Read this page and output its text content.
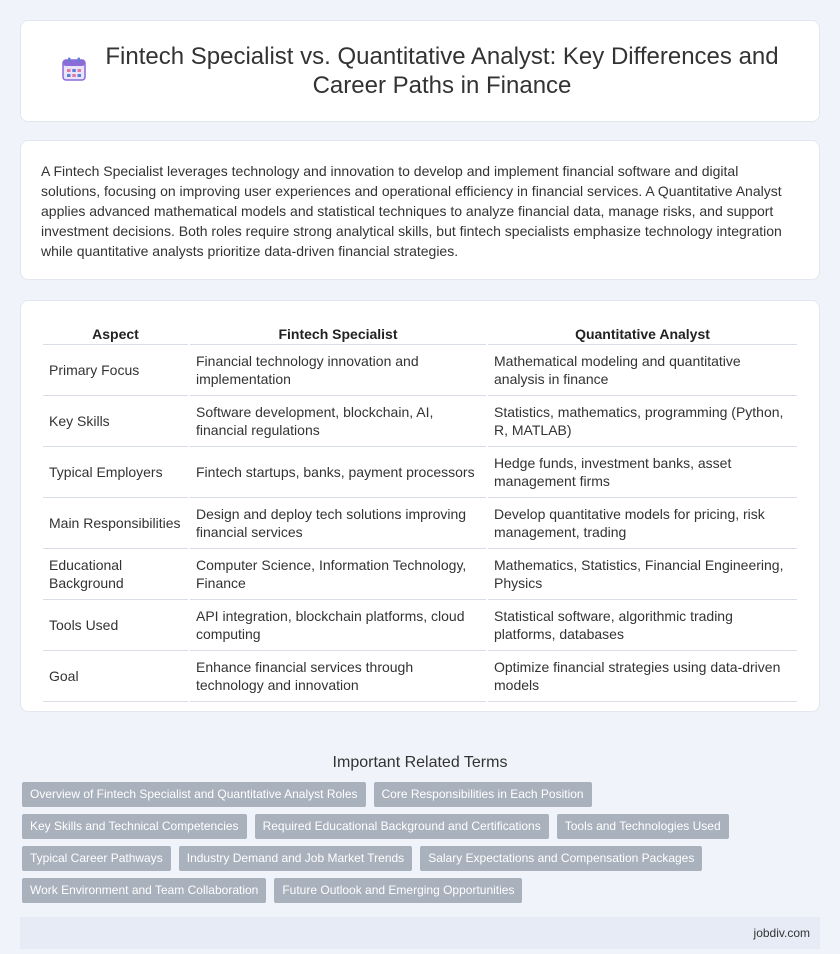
Fintech Specialist vs. Quantitative Analyst: Key Differences and Career Paths in Finance

A Fintech Specialist leverages technology and innovation to develop and implement financial software and digital solutions, focusing on improving user experiences and operational efficiency in financial services. A Quantitative Analyst applies advanced mathematical models and statistical techniques to analyze financial data, manage risks, and support investment decisions. Both roles require strong analytical skills, but fintech specialists emphasize technology integration while quantitative analysts prioritize data-driven financial strategies.

Aspect	Fintech Specialist	Quantitative Analyst
Primary Focus	Financial technology innovation and implementation	Mathematical modeling and quantitative analysis in finance
Key Skills	Software development, blockchain, AI, financial regulations	Statistics, mathematics, programming (Python, R, MATLAB)
Typical Employers	Fintech startups, banks, payment processors	Hedge funds, investment banks, asset management firms
Main Responsibilities	Design and deploy tech solutions improving financial services	Develop quantitative models for pricing, risk management, trading
Educational Background	Computer Science, Information Technology, Finance	Mathematics, Statistics, Financial Engineering, Physics
Tools Used	API integration, blockchain platforms, cloud computing	Statistical software, algorithmic trading platforms, databases
Goal	Enhance financial services through technology and innovation	Optimize financial strategies using data-driven models
Important Related Terms
Overview of Fintech Specialist and Quantitative Analyst Roles	Core Responsibilities in Each Position
Key Skills and Technical Competencies	Required Educational Background and Certifications	Tools and Technologies Used
Typical Career Pathways	Industry Demand and Job Market Trends	Salary Expectations and Compensation Packages
Work Environment and Team Collaboration	Future Outlook and Emerging Opportunities
jobdiv.com
